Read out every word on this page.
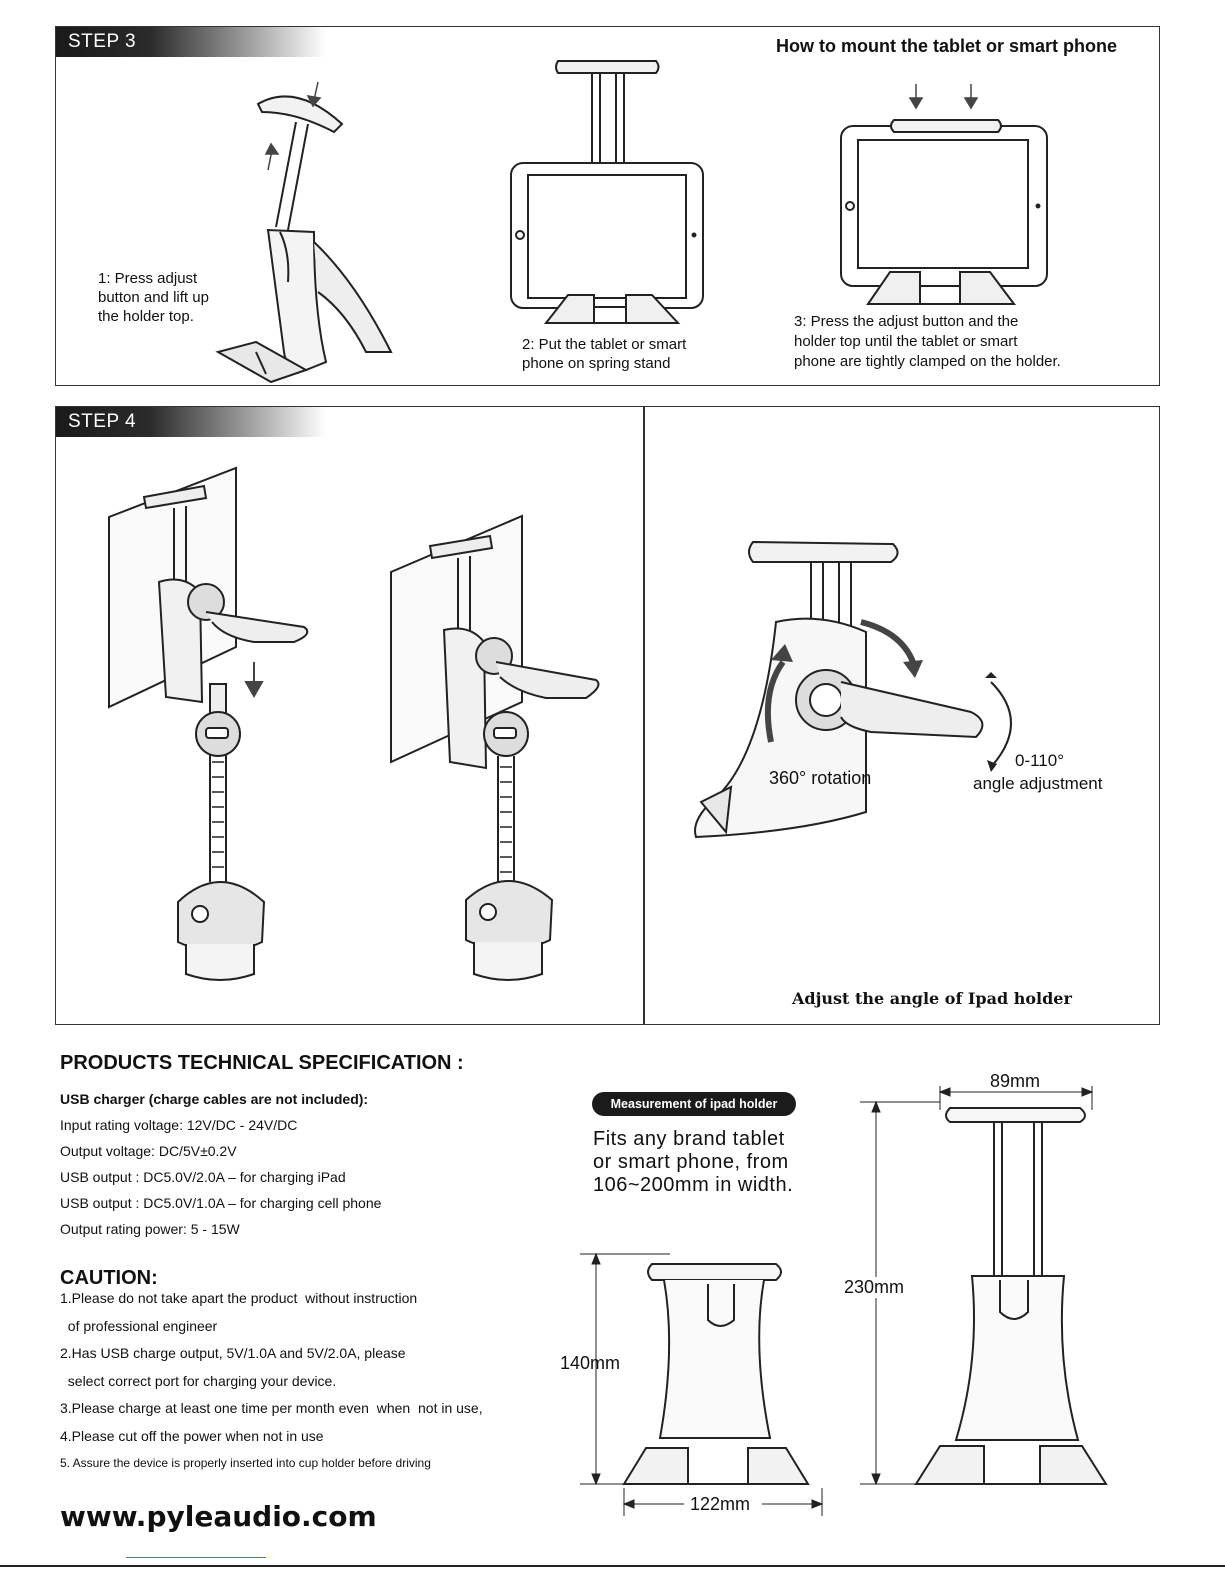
STEP 3	How to mount the tablet or smart phone
1: Press adjust
button and lift up
the holder top.
2: Put the tablet or smart
phone on spring stand
3: Press the adjust button and the
holder top until the tablet or smart
phone are tightly clamped on the holder.
STEP 4
360° rotation
0-110°
angle adjustment
Adjust the angle of Ipad holder
PRODUCTS TECHNICAL SPECIFICATION :
USB charger (charge cables are not included):
Input rating voltage: 12V/DC - 24V/DC
Output voltage: DC/5V±0.2V
USB output : DC5.0V/2.0A – for charging iPad
USB output : DC5.0V/1.0A – for charging cell phone
Output rating power: 5 - 15W
CAUTION:
1.Please do not take apart the product  without instruction
of professional engineer
2.Has USB charge output, 5V/1.0A and 5V/2.0A, please
select correct port for charging your device.
3.Please charge at least one time per month even  when  not in use,
4.Please cut off the power when not in use
5. Assure the device is properly inserted into cup holder before driving
www.pyleaudio.com
Measurement of ipad holder
Fits any brand tablet
or smart phone, from
106~200mm in width.
140mm
122mm
89mm
230mm
